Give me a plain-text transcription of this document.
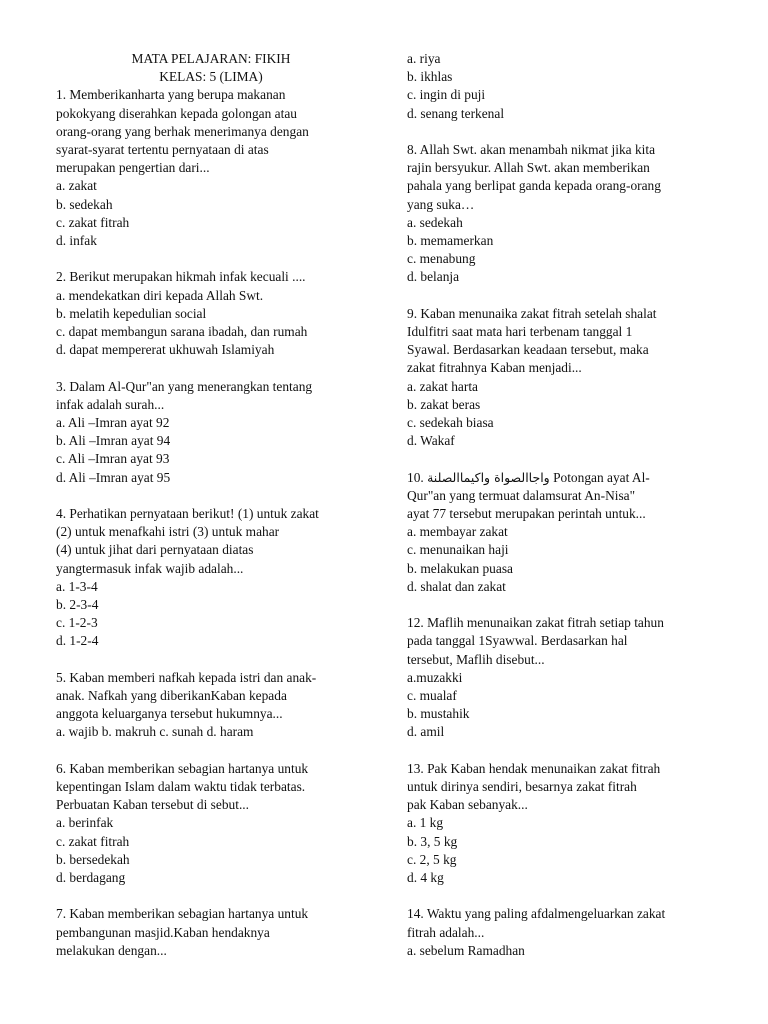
MATA PELAJARAN: FIKIH
KELAS: 5 (LIMA)
1. Memberikanharta yang berupa makanan
pokokyang diserahkan kepada golongan atau
orang-orang yang berhak menerimanya dengan
syarat-syarat tertentu pernyataan di atas
merupakan pengertian dari...
a. zakat
b. sedekah
c. zakat fitrah
d. infak
2. Berikut merupakan hikmah infak kecuali ....
a. mendekatkan diri kepada Allah Swt.
b. melatih kepedulian social
c. dapat membangun sarana ibadah, dan rumah
d. dapat mempererat ukhuwah Islamiyah
3. Dalam Al-Qur"an yang menerangkan tentang
infak adalah surah...
a. Ali –Imran ayat 92
b. Ali –Imran ayat 94
c. Ali –Imran ayat 93
d. Ali –Imran ayat 95
4. Perhatikan pernyataan berikut! (1) untuk zakat
(2) untuk menafkahi istri (3) untuk mahar
(4) untuk jihat dari pernyataan diatas
yangtermasuk infak wajib adalah...
a. 1-3-4
b. 2-3-4
c. 1-2-3
d. 1-2-4
5. Kaban memberi nafkah kepada istri dan anak-
anak. Nafkah yang diberikanKaban kepada
anggota keluarganya tersebut hukumnya...
a. wajib b. makruh c. sunah d. haram
6. Kaban memberikan sebagian hartanya untuk
kepentingan Islam dalam waktu tidak terbatas.
Perbuatan Kaban tersebut di sebut...
a. berinfak
c. zakat fitrah
b. bersedekah
d. berdagang
7. Kaban memberikan sebagian hartanya untuk
pembangunan masjid.Kaban hendaknya
melakukan dengan...
a. riya
b. ikhlas
c. ingin di puji
d. senang terkenal
8. Allah Swt. akan menambah nikmat jika kita
rajin bersyukur. Allah Swt. akan memberikan
pahala yang berlipat ganda kepada orang-orang
yang suka…
a. sedekah
b. memamerkan
c. menabung
d. belanja
9. Kaban menunaika zakat fitrah setelah shalat
Idulfitri saat mata hari terbenam tanggal 1
Syawal. Berdasarkan keadaan tersebut, maka
zakat fitrahnya Kaban menjadi...
a. zakat harta
b. zakat beras
c. sedekah biasa
d. Wakaf
10. واجاالصواة واكيماالصلنة Potongan ayat Al-
Qur"an yang termuat dalamsurat An-Nisa"
ayat 77 tersebut merupakan perintah untuk...
a. membayar zakat
c. menunaikan haji
b. melakukan puasa
d. shalat dan zakat
12. Maflih menunaikan zakat fitrah setiap tahun
pada tanggal 1Syawwal. Berdasarkan hal
tersebut, Maflih disebut...
a.muzakki
c. mualaf
b. mustahik
d. amil
13. Pak Kaban hendak menunaikan zakat fitrah
untuk dirinya sendiri, besarnya zakat fitrah
pak Kaban sebanyak...
a. 1 kg
b. 3, 5 kg
c. 2, 5 kg
d. 4 kg
14. Waktu yang paling afdalmengeluarkan zakat
fitrah adalah...
a. sebelum Ramadhan
